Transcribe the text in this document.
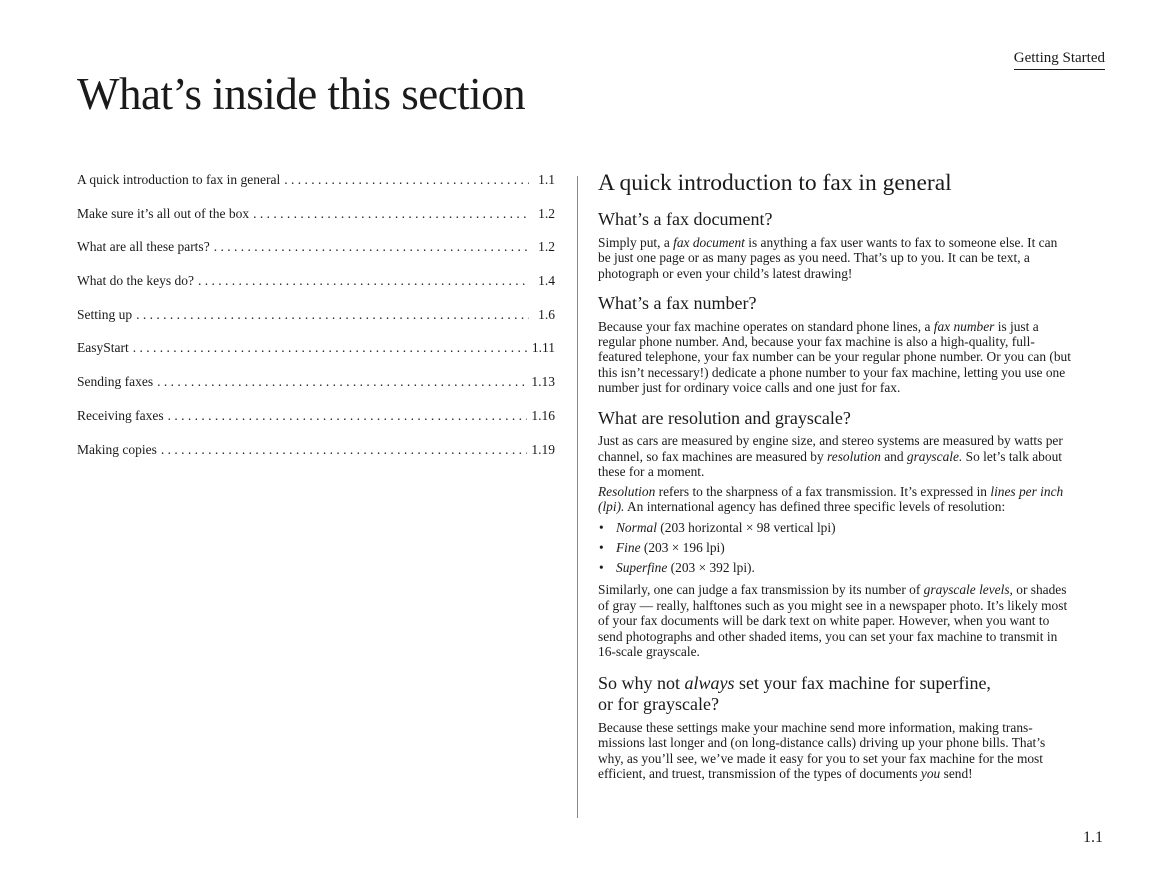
Getting Started
What’s inside this section
A quick introduction to fax in general . . .	1.1
Make sure it’s all out of the box . . .	1.2
What are all these parts? . . .	1.2
What do the keys do? . . .	1.4
Setting up . . .	1.6
EasyStart . . .	1.11
Sending faxes . . .	1.13
Receiving faxes . . .	1.16
Making copies . . .	1.19
A quick introduction to fax in general
What’s a fax document?

Simply put, a fax document is anything a fax user wants to fax to someone else. It can be just one page or as many pages as you need. That’s up to you. It can be text, a photograph or even your child’s latest drawing!

What’s a fax number?

Because your fax machine operates on standard phone lines, a fax number is just a regular phone number. And, because your fax machine is also a high-quality, full-featured telephone, your fax number can be your regular phone number. Or you can (but this isn’t necessary!) dedicate a phone number to your fax machine, letting you use one number just for ordinary voice calls and one just for fax.

What are resolution and grayscale?

Just as cars are measured by engine size, and stereo systems are measured by watts per channel, so fax machines are measured by resolution and grayscale. So let’s talk about these for a moment.

Resolution refers to the sharpness of a fax transmission. It’s expressed in lines per inch (lpi). An international agency has defined three specific levels of resolution:

• Normal (203 horizontal × 98 vertical lpi)
• Fine (203 × 196 lpi)
• Superfine (203 × 392 lpi).

Similarly, one can judge a fax transmission by its number of grayscale levels, or shades of gray — really, halftones such as you might see in a newspaper photo. It’s likely most of your fax documents will be dark text on white paper. However, when you want to send photographs and other shaded items, you can set your fax machine to transmit in 16-scale grayscale.

So why not always set your fax machine for superfine,
or for grayscale?

Because these settings make your machine send more information, making trans-missions last longer and (on long-distance calls) driving up your phone bills. That’s why, as you’ll see, we’ve made it easy for you to set your fax machine for the most efficient, and truest, transmission of the types of documents you send!

1.1
